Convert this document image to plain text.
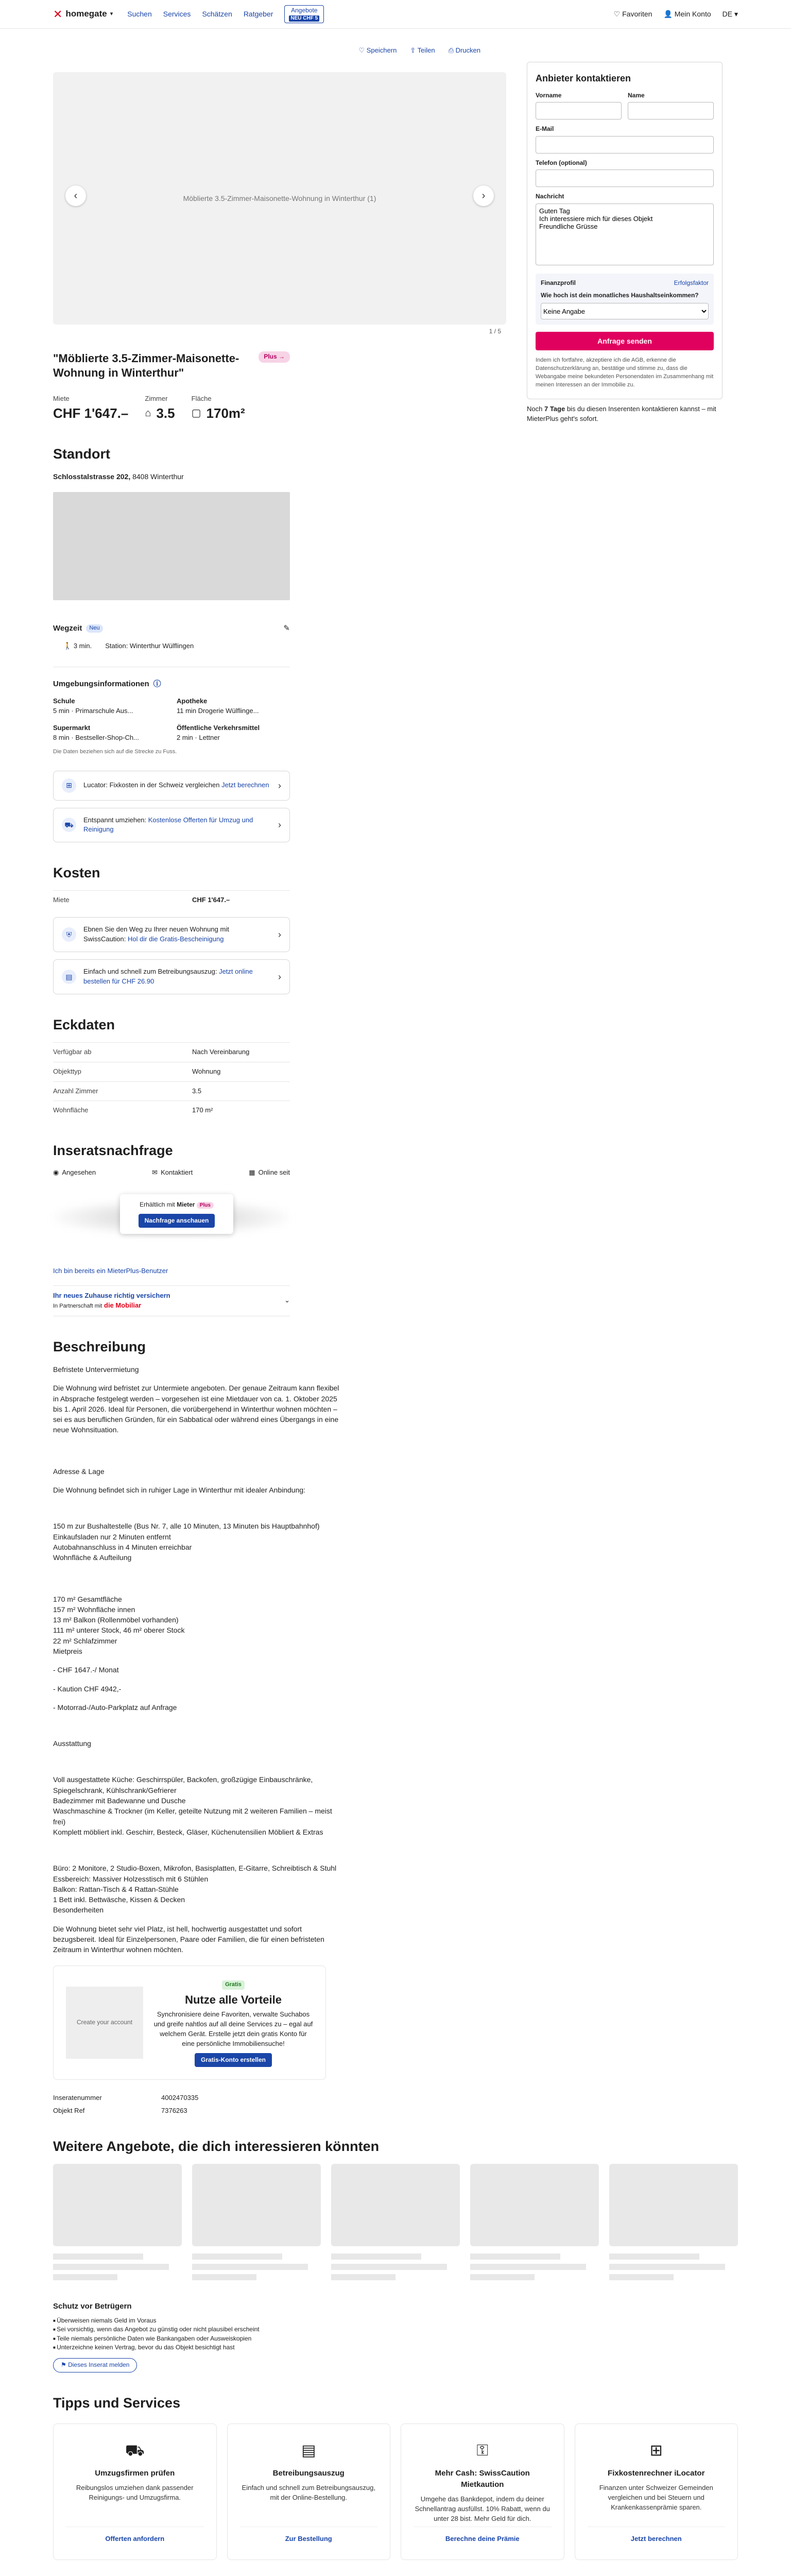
✕ homegate ▾ Suchen Services Schätzen Ratgeber	Angebote
NEU CHF 5	♡ Favoriten 👤 Mein Konto DE ▾
♡ Speichern ⇪ Teilen ⎙ Drucken
Möblierte 3.5-Zimmer-Maisonette-Wohnung in Winterthur (1)
‹	›
1 / 5
"Möblierte 3.5-Zimmer-Maisonette-Wohnung in Winterthur"
Plus →
Miete
CHF 1'647.–
Zimmer
⌂ 3.5
Fläche
▢ 170m²
Standort
Schlosstalstrasse 202, 8408 Winterthur
Wegzeit	Neu	✎
🚶 3 min. Station: Winterthur Wülflingen
Umgebungsinformationen ⓘ
Schule
5 min · Primarschule Aus...
Apotheke
11 min Drogerie Wülflinge...
Supermarkt
8 min · Bestseller-Shop-Ch...
Öffentliche Verkehrsmittel
2 min · Lettner
Die Daten beziehen sich auf die Strecke zu Fuss.
⊞	Lucator: Fixkosten in der Schweiz vergleichen Jetzt berechnen ›
⛟
Entspannt umziehen: Kostenlose Offerten für Umzug und Reinigung	›
Kosten
Miete	CHF 1'647.–
⛨
Ebnen Sie den Weg zu Ihrer neuen Wohnung mit SwissCaution: Hol dir die Gratis-Bescheinigung	›
▤
Einfach und schnell zum Betreibungsauszug: Jetzt online bestellen für CHF 26.90	›
Eckdaten
Verfügbar ab	Nach Vereinbarung
Objekttyp	Wohnung
Anzahl Zimmer	3.5
Wohnfläche	170 m²
Inseratsnachfrage
◉ Angesehen	✉ Kontaktiert	▦ Online seit
Erhältlich mit Mieter Plus
Nachfrage anschauen
Ich bin bereits ein MieterPlus-Benutzer
Ihr neues Zuhause richtig versichern
In Partnerschaft mit die Mobiliar
⌄
Beschreibung

Befristete Untervermietung

Die Wohnung wird befristet zur Untermiete angeboten. Der genaue Zeitraum kann flexibel in Absprache festgelegt werden – vorgesehen ist eine Mietdauer von ca. 1. Oktober 2025 bis 1. April 2026. Ideal für Personen, die vorübergehend in Winterthur wohnen möchten – sei es aus beruflichen Gründen, für ein Sabbatical oder während eines Übergangs in eine neue Wohnsituation.

Adresse & Lage

Die Wohnung befindet sich in ruhiger Lage in Winterthur mit idealer Anbindung:

150 m zur Bushaltestelle (Bus Nr. 7, alle 10 Minuten, 13 Minuten bis Hauptbahnhof)
Einkaufsladen nur 2 Minuten entfernt
Autobahnanschluss in 4 Minuten erreichbar
Wohnfläche & Aufteilung

170 m² Gesamtfläche
157 m² Wohnfläche innen
13 m² Balkon (Rollenmöbel vorhanden)
111 m² unterer Stock, 46 m² oberer Stock
22 m² Schlafzimmer
Mietpreis

- CHF 1647.-/ Monat

- Kaution CHF 4942,-

- Motorrad-/Auto-Parkplatz auf Anfrage

Ausstattung

Voll ausgestattete Küche: Geschirrspüler, Backofen, großzügige Einbauschränke, Spiegelschrank, Kühlschrank/Gefrierer
Badezimmer mit Badewanne und Dusche
Waschmaschine & Trockner (im Keller, geteilte Nutzung mit 2 weiteren Familien – meist frei)
Komplett möbliert inkl. Geschirr, Besteck, Gläser, Küchenutensilien Möbliert & Extras

Büro: 2 Monitore, 2 Studio-Boxen, Mikrofon, Basisplatten, E-Gitarre, Schreibtisch & Stuhl
Essbereich: Massiver Holzesstisch mit 6 Stühlen
Balkon: Rattan-Tisch & 4 Rattan-Stühle
1 Bett inkl. Bettwäsche, Kissen & Decken
Besonderheiten

Die Wohnung bietet sehr viel Platz, ist hell, hochwertig ausgestattet und sofort bezugsbereit. Ideal für Einzelpersonen, Paare oder Familien, die für einen befristeten Zeitraum in Winterthur wohnen möchten.

Create your account
Gratis
Nutze alle Vorteile

Synchronisiere deine Favoriten, verwalte Suchabos und greife nahtlos auf all deine Services zu – egal auf welchem Gerät. Erstelle jetzt dein gratis Konto für eine persönliche Immobiliensuche!

Gratis-Konto erstellen
Inseratenummer	4002470335
Objekt Ref	7376263
Anbieter kontaktieren
Vorname	Name
E-Mail
Telefon (optional)
Nachricht
Guten Tag Ich interessiere mich für dieses Objekt Freundliche Grüsse
Finanzprofil	Erfolgsfaktor
Wie hoch ist dein monatliches Haushaltseinkommen?
Keine Angabe
Anfrage senden

Indem ich fortfahre, akzeptiere ich die AGB, erkenne die Datenschutzerklärung an, bestätige und stimme zu, dass die Webangabe meine bekundeten Personendaten im Zusammenhang mit meinen Interessen an der Immobilie zu.

Noch 7 Tage bis du diesen Inserenten kontaktieren kannst – mit MieterPlus geht's sofort.

Weitere Angebote, die dich interessieren könnten
Schutz vor Betrügern
■ Überweisen niemals Geld im Voraus
■ Sei vorsichtig, wenn das Angebot zu günstig oder nicht plausibel erscheint
■ Teile niemals persönliche Daten wie Bankangaben oder Ausweiskopien
■ Unterzeichne keinen Vertrag, bevor du das Objekt besichtigt hast
⚑ Dieses Inserat melden
Tipps und Services
⛟
Umzugsfirmen prüfen

Reibungslos umziehen dank passender Reinigungs- und Umzugsfirma.

Offerten anfordern
▤
Betreibungsauszug

Einfach und schnell zum Betreibungsauszug, mit der Online-Bestellung.

Zur Bestellung
⚿
Mehr Cash: SwissCaution Mietkaution

Umgehe das Bankdepot, indem du deiner Schnellantrag ausfüllst. 10% Rabatt, wenn du unter 28 bist. Mehr Geld für dich.

Berechne deine Prämie
⊞
Fixkostenrechner iLocator

Finanzen unter Schweizer Gemeinden vergleichen und bei Steuern und Krankenkassenprämie sparen.

Jetzt berechnen
